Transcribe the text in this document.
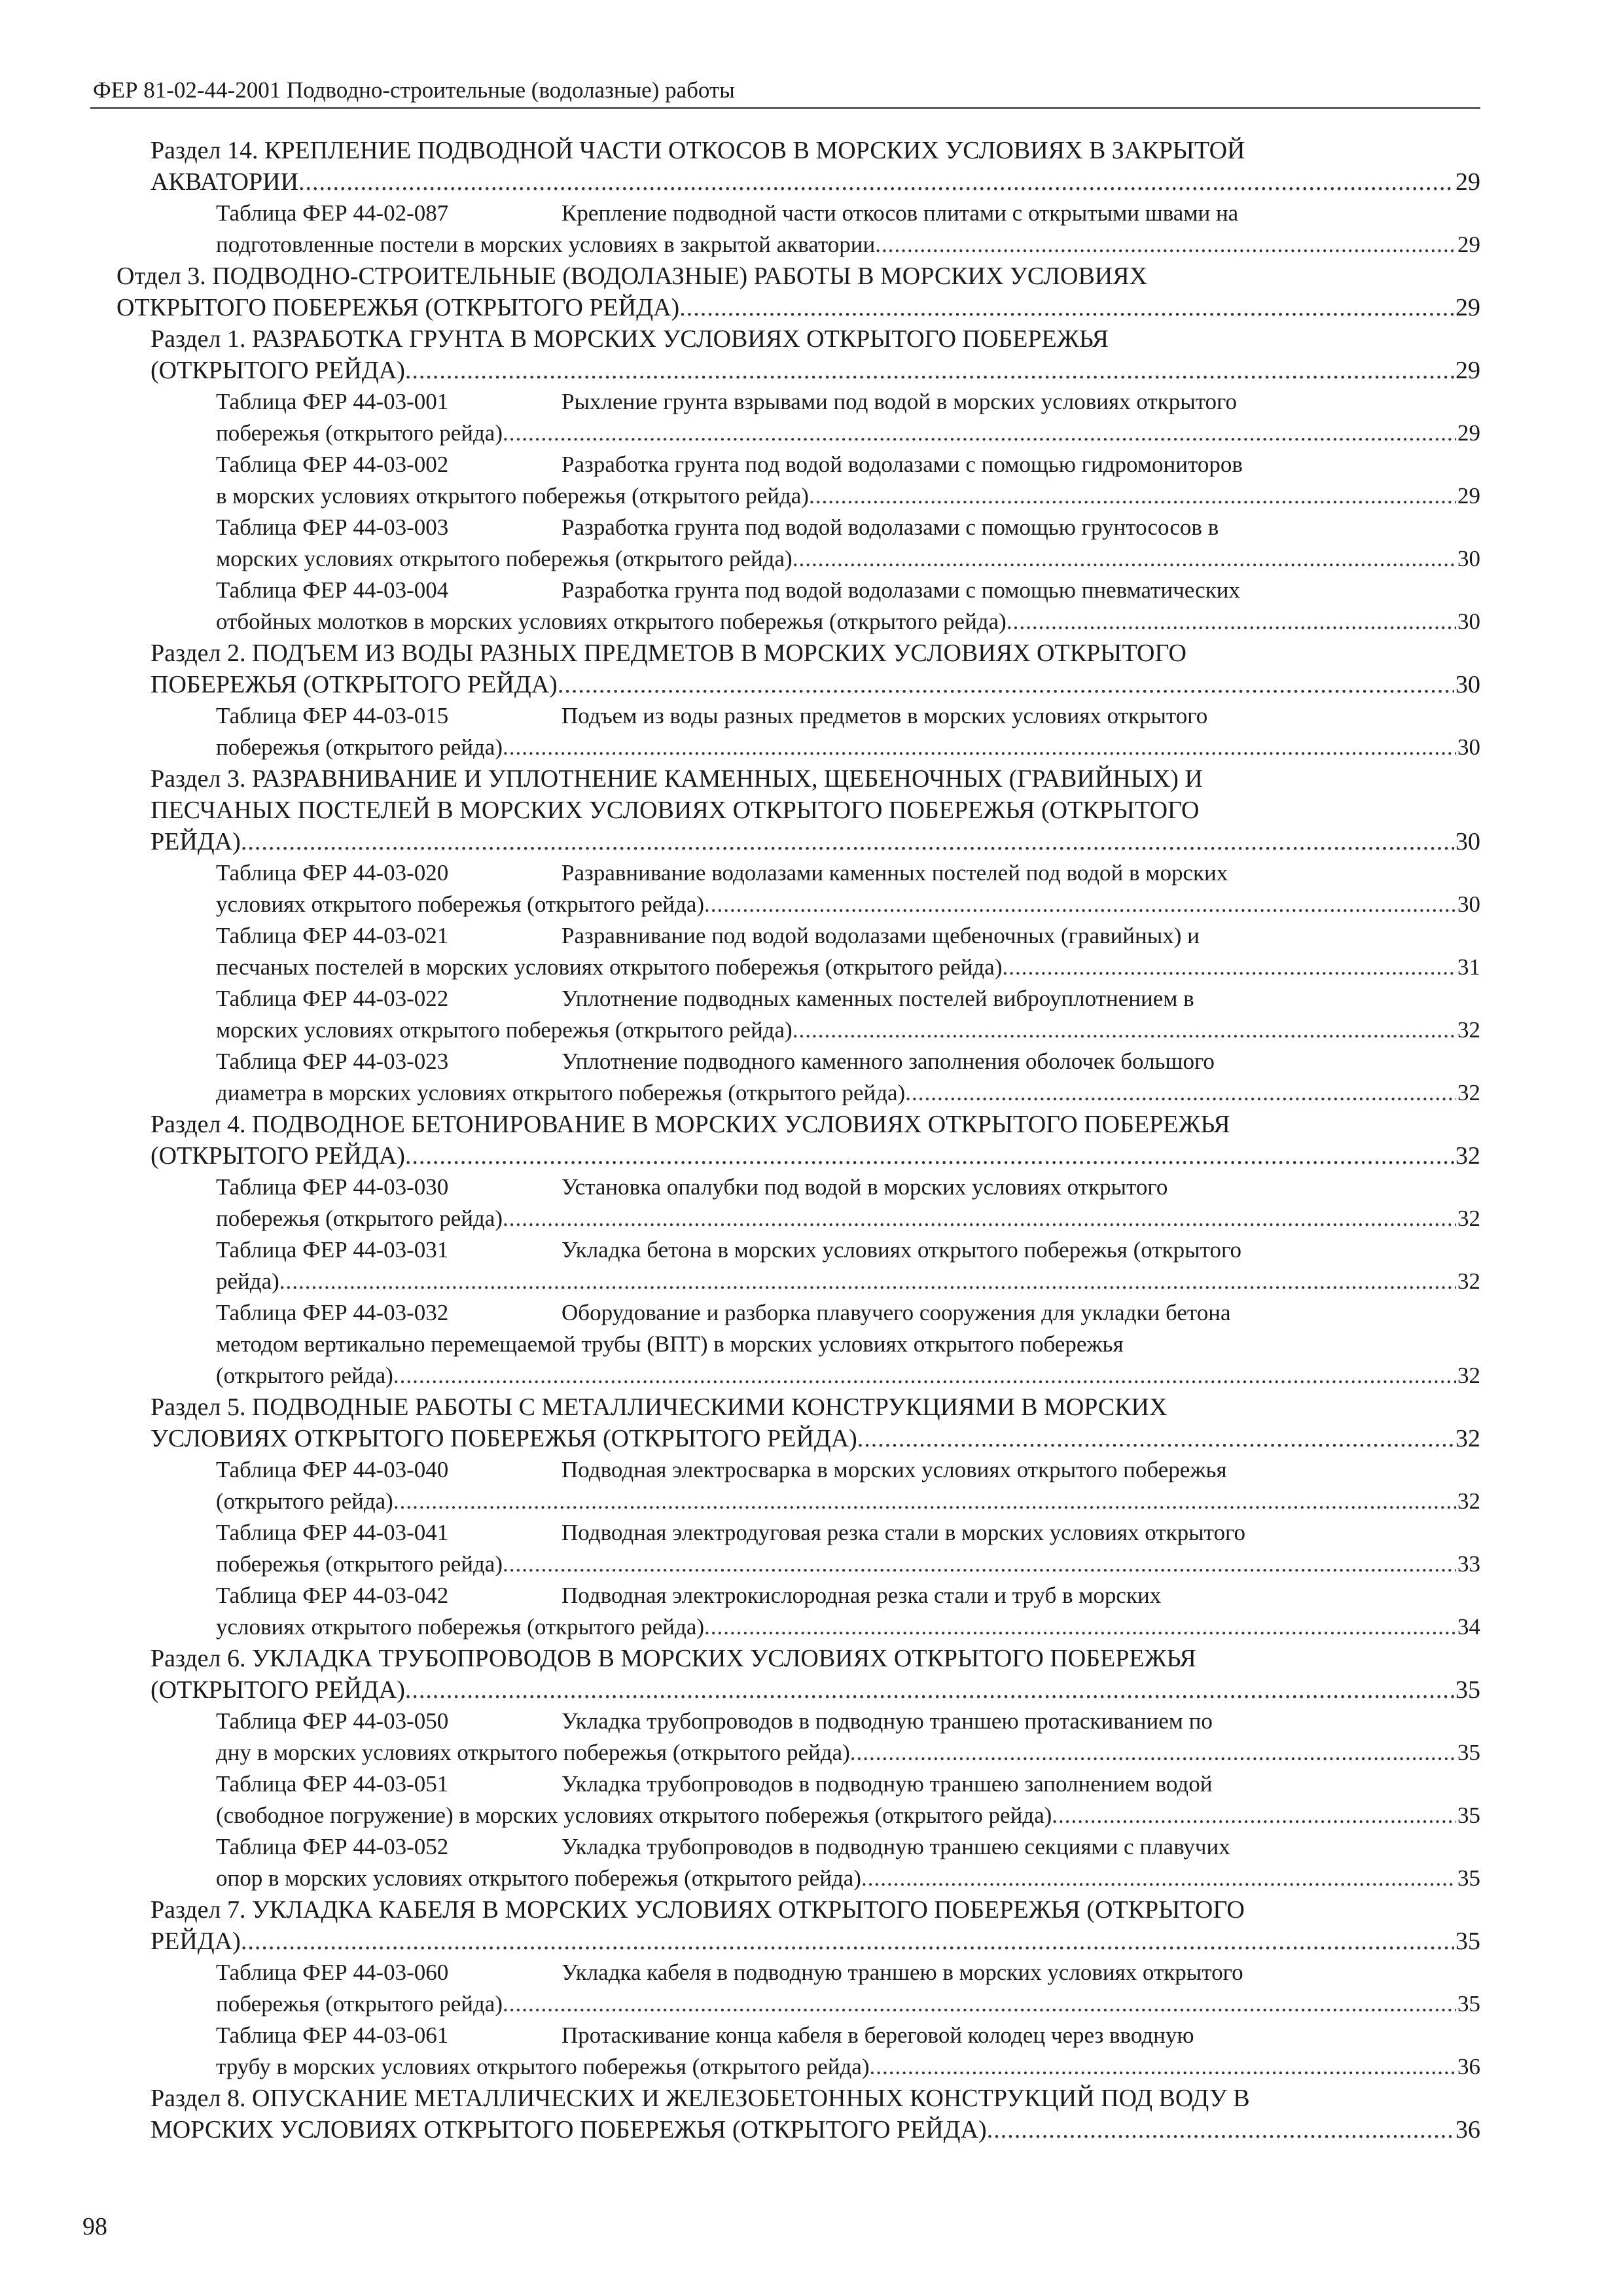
ФЕР 81-02-44-2001 Подводно-строительные (водолазные) работы
Раздел 14. КРЕПЛЕНИЕ ПОДВОДНОЙ ЧАСТИ ОТКОСОВ В МОРСКИХ УСЛОВИЯХ В ЗАКРЫТОЙ
АКВАТОРИИ .....	29
Таблица ФЕР 44-02-087	Крепление подводной части откосов плитами с открытыми швами на
подготовленные постели в морских условиях в закрытой акватории .....	29
Отдел 3. ПОДВОДНО-СТРОИТЕЛЬНЫЕ (ВОДОЛАЗНЫЕ) РАБОТЫ В МОРСКИХ УСЛОВИЯХ
ОТКРЫТОГО ПОБЕРЕЖЬЯ (ОТКРЫТОГО РЕЙДА) .....	29
Раздел 1. РАЗРАБОТКА ГРУНТА В МОРСКИХ УСЛОВИЯХ ОТКРЫТОГО ПОБЕРЕЖЬЯ
(ОТКРЫТОГО РЕЙДА) .....	29
Таблица ФЕР 44-03-001	Рыхление грунта взрывами под водой в морских условиях открытого
побережья (открытого рейда) .....	29
Таблица ФЕР 44-03-002	Разработка грунта под водой водолазами с помощью гидромониторов
в морских условиях открытого побережья (открытого рейда) .....	29
Таблица ФЕР 44-03-003	Разработка грунта под водой водолазами с помощью грунтососов в
морских условиях открытого побережья (открытого рейда) .....	30
Таблица ФЕР 44-03-004	Разработка грунта под водой водолазами с помощью пневматических
отбойных молотков в морских условиях открытого побережья (открытого рейда) .....	30
Раздел 2. ПОДЪЕМ ИЗ ВОДЫ РАЗНЫХ ПРЕДМЕТОВ В МОРСКИХ УСЛОВИЯХ ОТКРЫТОГО
ПОБЕРЕЖЬЯ (ОТКРЫТОГО РЕЙДА) .....	30
Таблица ФЕР 44-03-015	Подъем из воды разных предметов в морских условиях открытого
побережья (открытого рейда) .....	30
Раздел 3. РАЗРАВНИВАНИЕ И УПЛОТНЕНИЕ КАМЕННЫХ, ЩЕБЕНОЧНЫХ (ГРАВИЙНЫХ) И
ПЕСЧАНЫХ ПОСТЕЛЕЙ В МОРСКИХ УСЛОВИЯХ ОТКРЫТОГО ПОБЕРЕЖЬЯ (ОТКРЫТОГО
РЕЙДА) .....	30
Таблица ФЕР 44-03-020	Разравнивание водолазами каменных постелей под водой в морских
условиях открытого побережья (открытого рейда) .....	30
Таблица ФЕР 44-03-021	Разравнивание под водой водолазами щебеночных (гравийных) и
песчаных постелей в морских условиях открытого побережья (открытого рейда) .....	31
Таблица ФЕР 44-03-022	Уплотнение подводных каменных постелей виброуплотнением в
морских условиях открытого побережья (открытого рейда) .....	32
Таблица ФЕР 44-03-023	Уплотнение подводного каменного заполнения оболочек большого
диаметра в морских условиях открытого побережья (открытого рейда) .....	32
Раздел 4. ПОДВОДНОЕ БЕТОНИРОВАНИЕ В МОРСКИХ УСЛОВИЯХ ОТКРЫТОГО ПОБЕРЕЖЬЯ
(ОТКРЫТОГО РЕЙДА) .....	32
Таблица ФЕР 44-03-030	Установка опалубки под водой в морских условиях открытого
побережья (открытого рейда) .....	32
Таблица ФЕР 44-03-031	Укладка бетона в морских условиях открытого побережья (открытого
рейда) .....	32
Таблица ФЕР 44-03-032	Оборудование и разборка плавучего сооружения для укладки бетона
методом вертикально перемещаемой трубы (ВПТ) в морских условиях открытого побережья
(открытого рейда) .....	32
Раздел 5. ПОДВОДНЫЕ РАБОТЫ С МЕТАЛЛИЧЕСКИМИ КОНСТРУКЦИЯМИ В МОРСКИХ
УСЛОВИЯХ ОТКРЫТОГО ПОБЕРЕЖЬЯ (ОТКРЫТОГО РЕЙДА) .....	32
Таблица ФЕР 44-03-040	Подводная электросварка в морских условиях открытого побережья
(открытого рейда) .....	32
Таблица ФЕР 44-03-041	Подводная электродуговая резка стали в морских условиях открытого
побережья (открытого рейда) .....	33
Таблица ФЕР 44-03-042	Подводная электрокислородная резка стали и труб в морских
условиях открытого побережья (открытого рейда) .....	34
Раздел 6. УКЛАДКА ТРУБОПРОВОДОВ В МОРСКИХ УСЛОВИЯХ ОТКРЫТОГО ПОБЕРЕЖЬЯ
(ОТКРЫТОГО РЕЙДА) .....	35
Таблица ФЕР 44-03-050	Укладка трубопроводов в подводную траншею протаскиванием по
дну в морских условиях открытого побережья (открытого рейда) .....	35
Таблица ФЕР 44-03-051	Укладка трубопроводов в подводную траншею заполнением водой
(свободное погружение) в морских условиях открытого побережья (открытого рейда) .....	35
Таблица ФЕР 44-03-052	Укладка трубопроводов в подводную траншею секциями с плавучих
опор в морских условиях открытого побережья (открытого рейда) .....	35
Раздел 7. УКЛАДКА КАБЕЛЯ В МОРСКИХ УСЛОВИЯХ ОТКРЫТОГО ПОБЕРЕЖЬЯ (ОТКРЫТОГО
РЕЙДА) .....	35
Таблица ФЕР 44-03-060	Укладка кабеля в подводную траншею в морских условиях открытого
побережья (открытого рейда) .....	35
Таблица ФЕР 44-03-061	Протаскивание конца кабеля в береговой колодец через вводную
трубу в морских условиях открытого побережья (открытого рейда) .....	36
Раздел 8. ОПУСКАНИЕ МЕТАЛЛИЧЕСКИХ И ЖЕЛЕЗОБЕТОННЫХ КОНСТРУКЦИЙ ПОД ВОДУ В
МОРСКИХ УСЛОВИЯХ ОТКРЫТОГО ПОБЕРЕЖЬЯ (ОТКРЫТОГО РЕЙДА) .....	36
98
